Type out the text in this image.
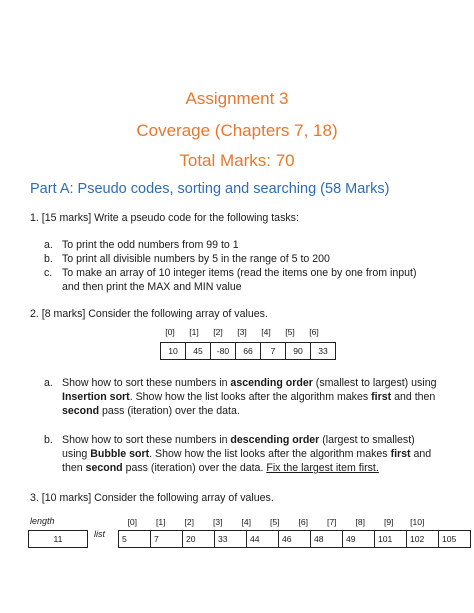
Assignment 3
Coverage (Chapters 7, 18)
Total Marks: 70
Part A: Pseudo codes, sorting and searching (58 Marks)
1. [15 marks] Write a pseudo code for the following tasks:
a. To print the odd numbers from 99 to 1
b. To print all divisible numbers by 5 in the range of 5 to 200
c. To make an array of 10 integer items (read the items one by one from input)
and then print the MAX and MIN value
2. [8 marks] Consider the following array of values.
[0]	[1]	[2]	[3]	[4]	[5]	[6]
10	45	-80	66	7	90	33
a. Show how to sort these numbers in ascending order (smallest to largest) using
Insertion sort. Show how the list looks after the algorithm makes first and then
second pass (iteration) over the data.
b. Show how to sort these numbers in descending order (largest to smallest)
using Bubble sort. Show how the list looks after the algorithm makes first and
then second pass (iteration) over the data. Fix the largest item first.
3. [10 marks] Consider the following array of values.
length
11	list
[0]	[1]	[2]	[3]	[4]	[5]	[6]	[7]	[8]	[9]	[10]
5	7	20	33	44	46	48	49	101	102	105
